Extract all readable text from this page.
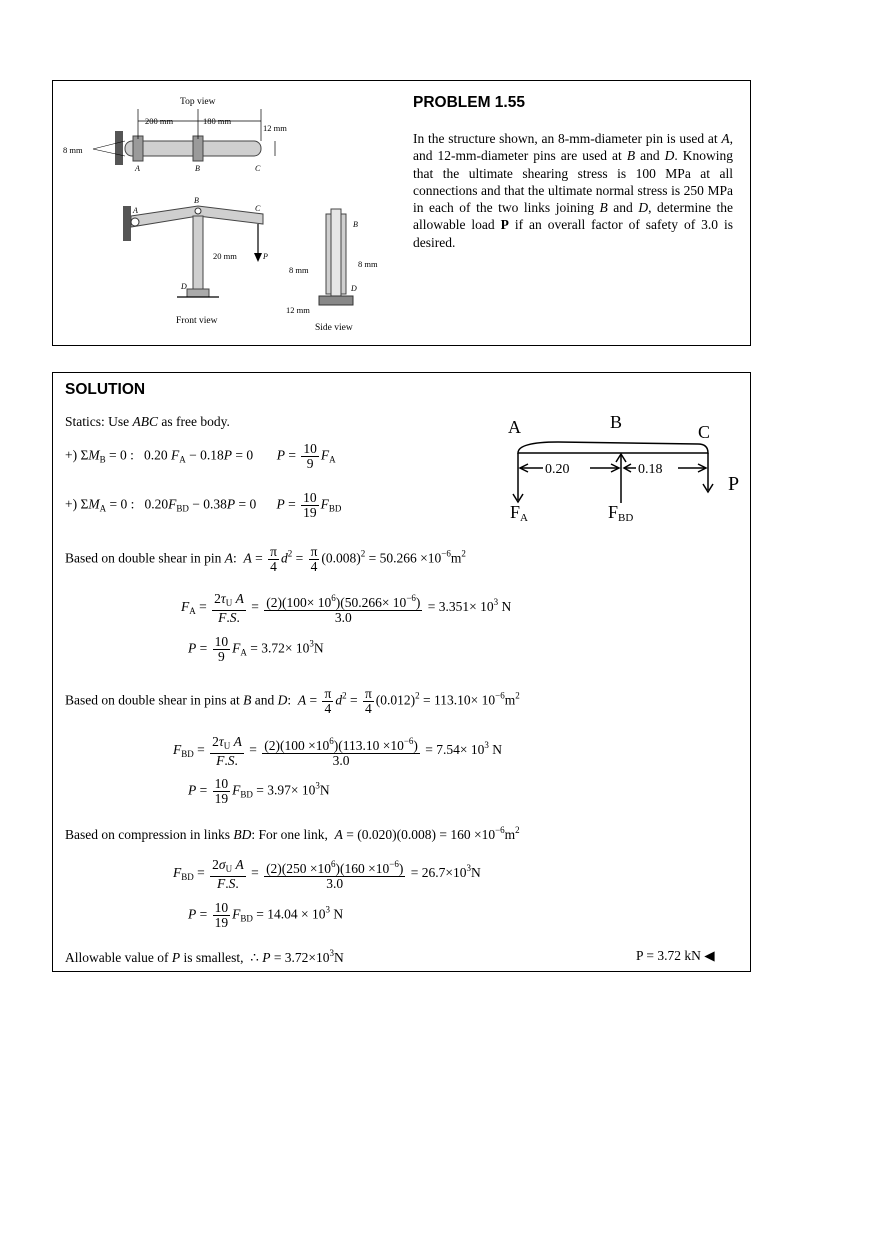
Top view
200 mm	180 mm
12 mm
8 mm
A	B	C
A
B
C
D
P
20 mm
Front view
B
D
8 mm
8 mm
12 mm
Side view
PROBLEM 1.55

In the structure shown, an 8-mm-diameter pin is used at A, and 12-mm-diameter pins are used at B and D. Knowing that the ultimate shearing stress is 100 MPa at all connections and that the ultimate normal stress is 250 MPa in each of the two links joining B and D, determine the allowable load P if an overall factor of safety of 3.0 is desired.

SOLUTION
Statics: Use ABC as free body.
+) $\Sigma M_B = 0$ :   0.20 $F_A - 0.18P = 0$       $P = \frac{10}{9} F_A$
+) $\Sigma M_A = 0$ :   $0.20F_{BD} - 0.38P = 0$      $P = \frac{10}{19} F_{BD}$
A	B	C
P
0.20	0.18
FA	FBD
Based on double shear in pin A:  $A = \frac{\pi}{4} d^2 = \frac{\pi}{4} (0.008)^2 = 50.266 \times 10^{-6}m^2$
$F_A = \frac{2\tau_U A}{F.S.} = \frac{(2)(100\times 10^6)(50.266\times 10^{-6})}{3.0} = 3.351\times 10^3$ N
$P = \frac{10}{9} F_A = 3.72\times 10^3N$
Based on double shear in pins at B and D:  $A = \frac{\pi}{4} d^2 = \frac{\pi}{4} (0.012)^2 = 113.10\times 10^{-6}m^2$
$F_{BD} = \frac{2\tau_U A}{F.S.} = \frac{(2)(100 \times 10^6)(113.10 \times 10^{-6})}{3.0} = 7.54\times 10^3$ N
$P = \frac{10}{19} F_{BD} = 3.97\times 10^3N$
Based on compression in links BD: For one link,  $A = (0.020)(0.008) = 160 \times 10^{-6}m^2$
$F_{BD} = \frac{2\sigma_U A}{F.S.} = \frac{(2)(250 \times 10^6)(160 \times 10^{-6})}{3.0} = 26.7\times 10^3N$
$P = \frac{10}{19} F_{BD} = 14.04 \times 10^3$ N
Allowable value of P is smallest,  ∴ $P = 3.72\times 10^3N$	P = 3.72 kN ◀
